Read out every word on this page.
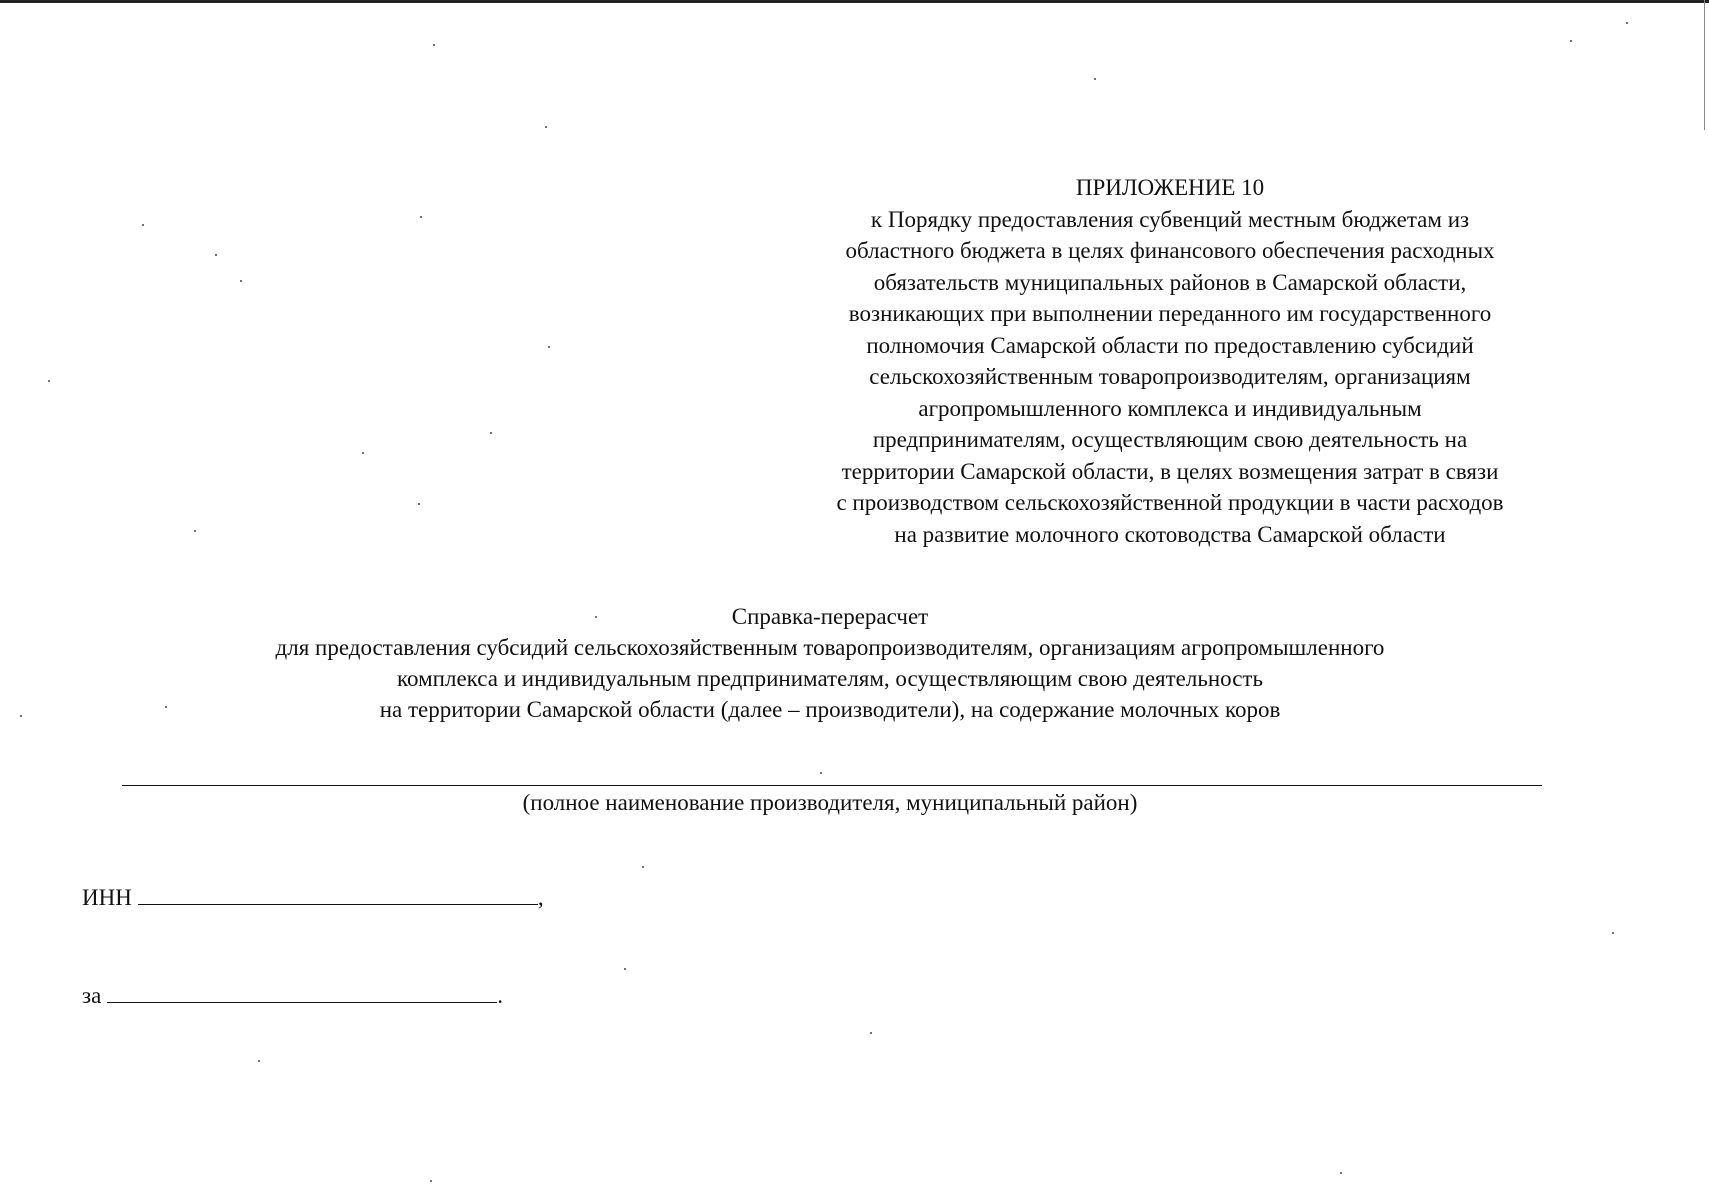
ПРИЛОЖЕНИЕ 10
к Порядку предоставления субвенций местным бюджетам из
областного бюджета в целях финансового обеспечения расходных
обязательств муниципальных районов в Самарской области,
возникающих при выполнении переданного им государственного
полномочия Самарской области по предоставлению субсидий
сельскохозяйственным товаропроизводителям, организациям
агропромышленного комплекса и индивидуальным
предпринимателям, осуществляющим свою деятельность на
территории Самарской области, в целях возмещения затрат в связи
с производством сельскохозяйственной продукции в части расходов
на развитие молочного скотоводства Самарской области
Справка-перерасчет
для предоставления субсидий сельскохозяйственным товаропроизводителям, организациям агропромышленного
комплекса и индивидуальным предпринимателям, осуществляющим свою деятельность
на территории Самарской области (далее – производители), на содержание молочных коров
(полное наименование производителя, муниципальный район)
ИНН	,
за	.
